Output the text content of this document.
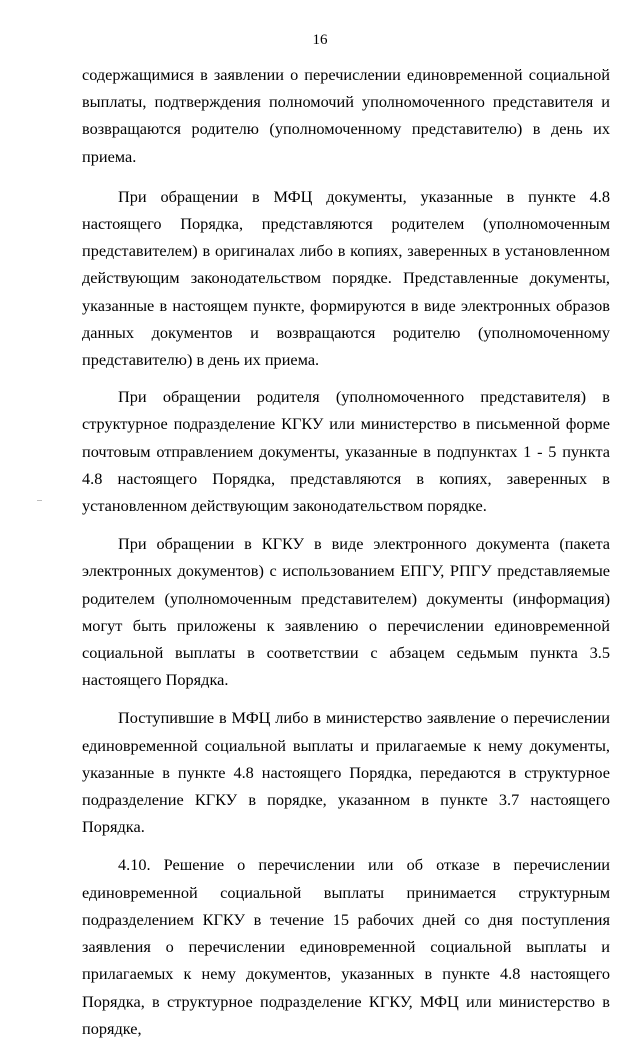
16

содержащимися в заявлении о перечислении единовременной социальной выплаты, подтверждения полномочий уполномоченного представителя и возвращаются родителю (уполномоченному представителю) в день их приема.

При обращении в МФЦ документы, указанные в пункте 4.8 настоящего Порядка, представляются родителем (уполномоченным представителем) в оригиналах либо в копиях, заверенных в установленном действующим законодательством порядке. Представленные документы, указанные в настоящем пункте, формируются в виде электронных образов данных документов и возвращаются родителю (уполномоченному представителю) в день их приема.

При обращении родителя (уполномоченного представителя) в структурное подразделение КГКУ или министерство в письменной форме почтовым отправлением документы, указанные в подпунктах 1 - 5 пункта 4.8 настоящего Порядка, представляются в копиях, заверенных в установленном действующим законодательством порядке.

При обращении в КГКУ в виде электронного документа (пакета электронных документов) с использованием ЕПГУ, РПГУ представляемые родителем (уполномоченным представителем) документы (информация) могут быть приложены к заявлению о перечислении единовременной социальной выплаты в соответствии с абзацем седьмым пункта 3.5 настоящего Порядка.

Поступившие в МФЦ либо в министерство заявление о перечислении единовременной социальной выплаты и прилагаемые к нему документы, указанные в пункте 4.8 настоящего Порядка, передаются в структурное подразделение КГКУ в порядке, указанном в пункте 3.7 настоящего Порядка.

4.10. Решение о перечислении или об отказе в перечислении единовременной социальной выплаты принимается структурным подразделением КГКУ в течение 15 рабочих дней со дня поступления заявления о перечислении единовременной социальной выплаты и прилагаемых к нему документов, указанных в пункте 4.8 настоящего Порядка, в структурное подразделение КГКУ, МФЦ или министерство в порядке,
